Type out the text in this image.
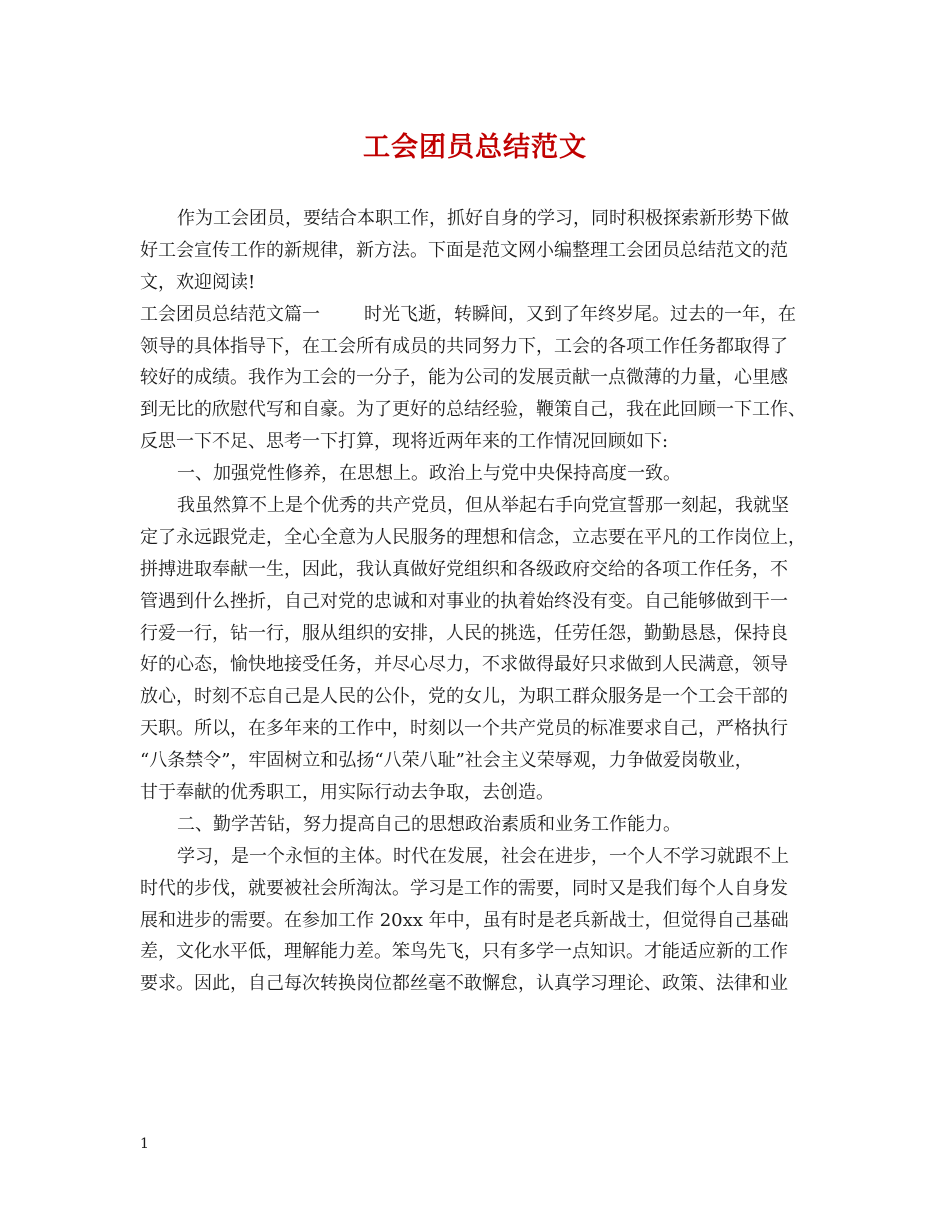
工会团员总结范文
作为工会团员，要结合本职工作，抓好自身的学习，同时积极探索新形势下做
好工会宣传工作的新规律，新方法。下面是范文网小编整理工会团员总结范文的范
文，欢迎阅读!
工会团员总结范文篇一 时光飞逝，转瞬间，又到了年终岁尾。过去的一年，在
领导的具体指导下，在工会所有成员的共同努力下，工会的各项工作任务都取得了
较好的成绩。我作为工会的一分子，能为公司的发展贡献一点微薄的力量，心里感
到无比的欣慰代写和自豪。为了更好的总结经验，鞭策自己，我在此回顾一下工作、
反思一下不足、思考一下打算，现将近两年来的工作情况回顾如下:
一、加强党性修养，在思想上。政治上与党中央保持高度一致。
我虽然算不上是个优秀的共产党员，但从举起右手向党宣誓那一刻起，我就坚
定了永远跟党走，全心全意为人民服务的理想和信念，立志要在平凡的工作岗位上，
拼搏进取奉献一生，因此，我认真做好党组织和各级政府交给的各项工作任务，不
管遇到什么挫折，自己对党的忠诚和对事业的执着始终没有变。自己能够做到干一
行爱一行，钻一行，服从组织的安排，人民的挑选，任劳任怨，勤勤恳恳，保持良
好的心态，愉快地接受任务，并尽心尽力，不求做得最好只求做到人民满意，领导
放心，时刻不忘自己是人民的公仆，党的女儿，为职工群众服务是一个工会干部的
天职。所以，在多年来的工作中，时刻以一个共产党员的标准要求自己，严格执行
“八条禁令”，牢固树立和弘扬“八荣八耻”社会主义荣辱观，力争做爱岗敬业，
甘于奉献的优秀职工，用实际行动去争取，去创造。
二、勤学苦钻，努力提高自己的思想政治素质和业务工作能力。
学习，是一个永恒的主体。时代在发展，社会在进步，一个人不学习就跟不上
时代的步伐，就要被社会所淘汰。学习是工作的需要，同时又是我们每个人自身发
展和进步的需要。在参加工作 20xx 年中，虽有时是老兵新战士，但觉得自己基础
差，文化水平低，理解能力差。笨鸟先飞，只有多学一点知识。才能适应新的工作
要求。因此，自己每次转换岗位都丝毫不敢懈怠，认真学习理论、政策、法律和业
1
